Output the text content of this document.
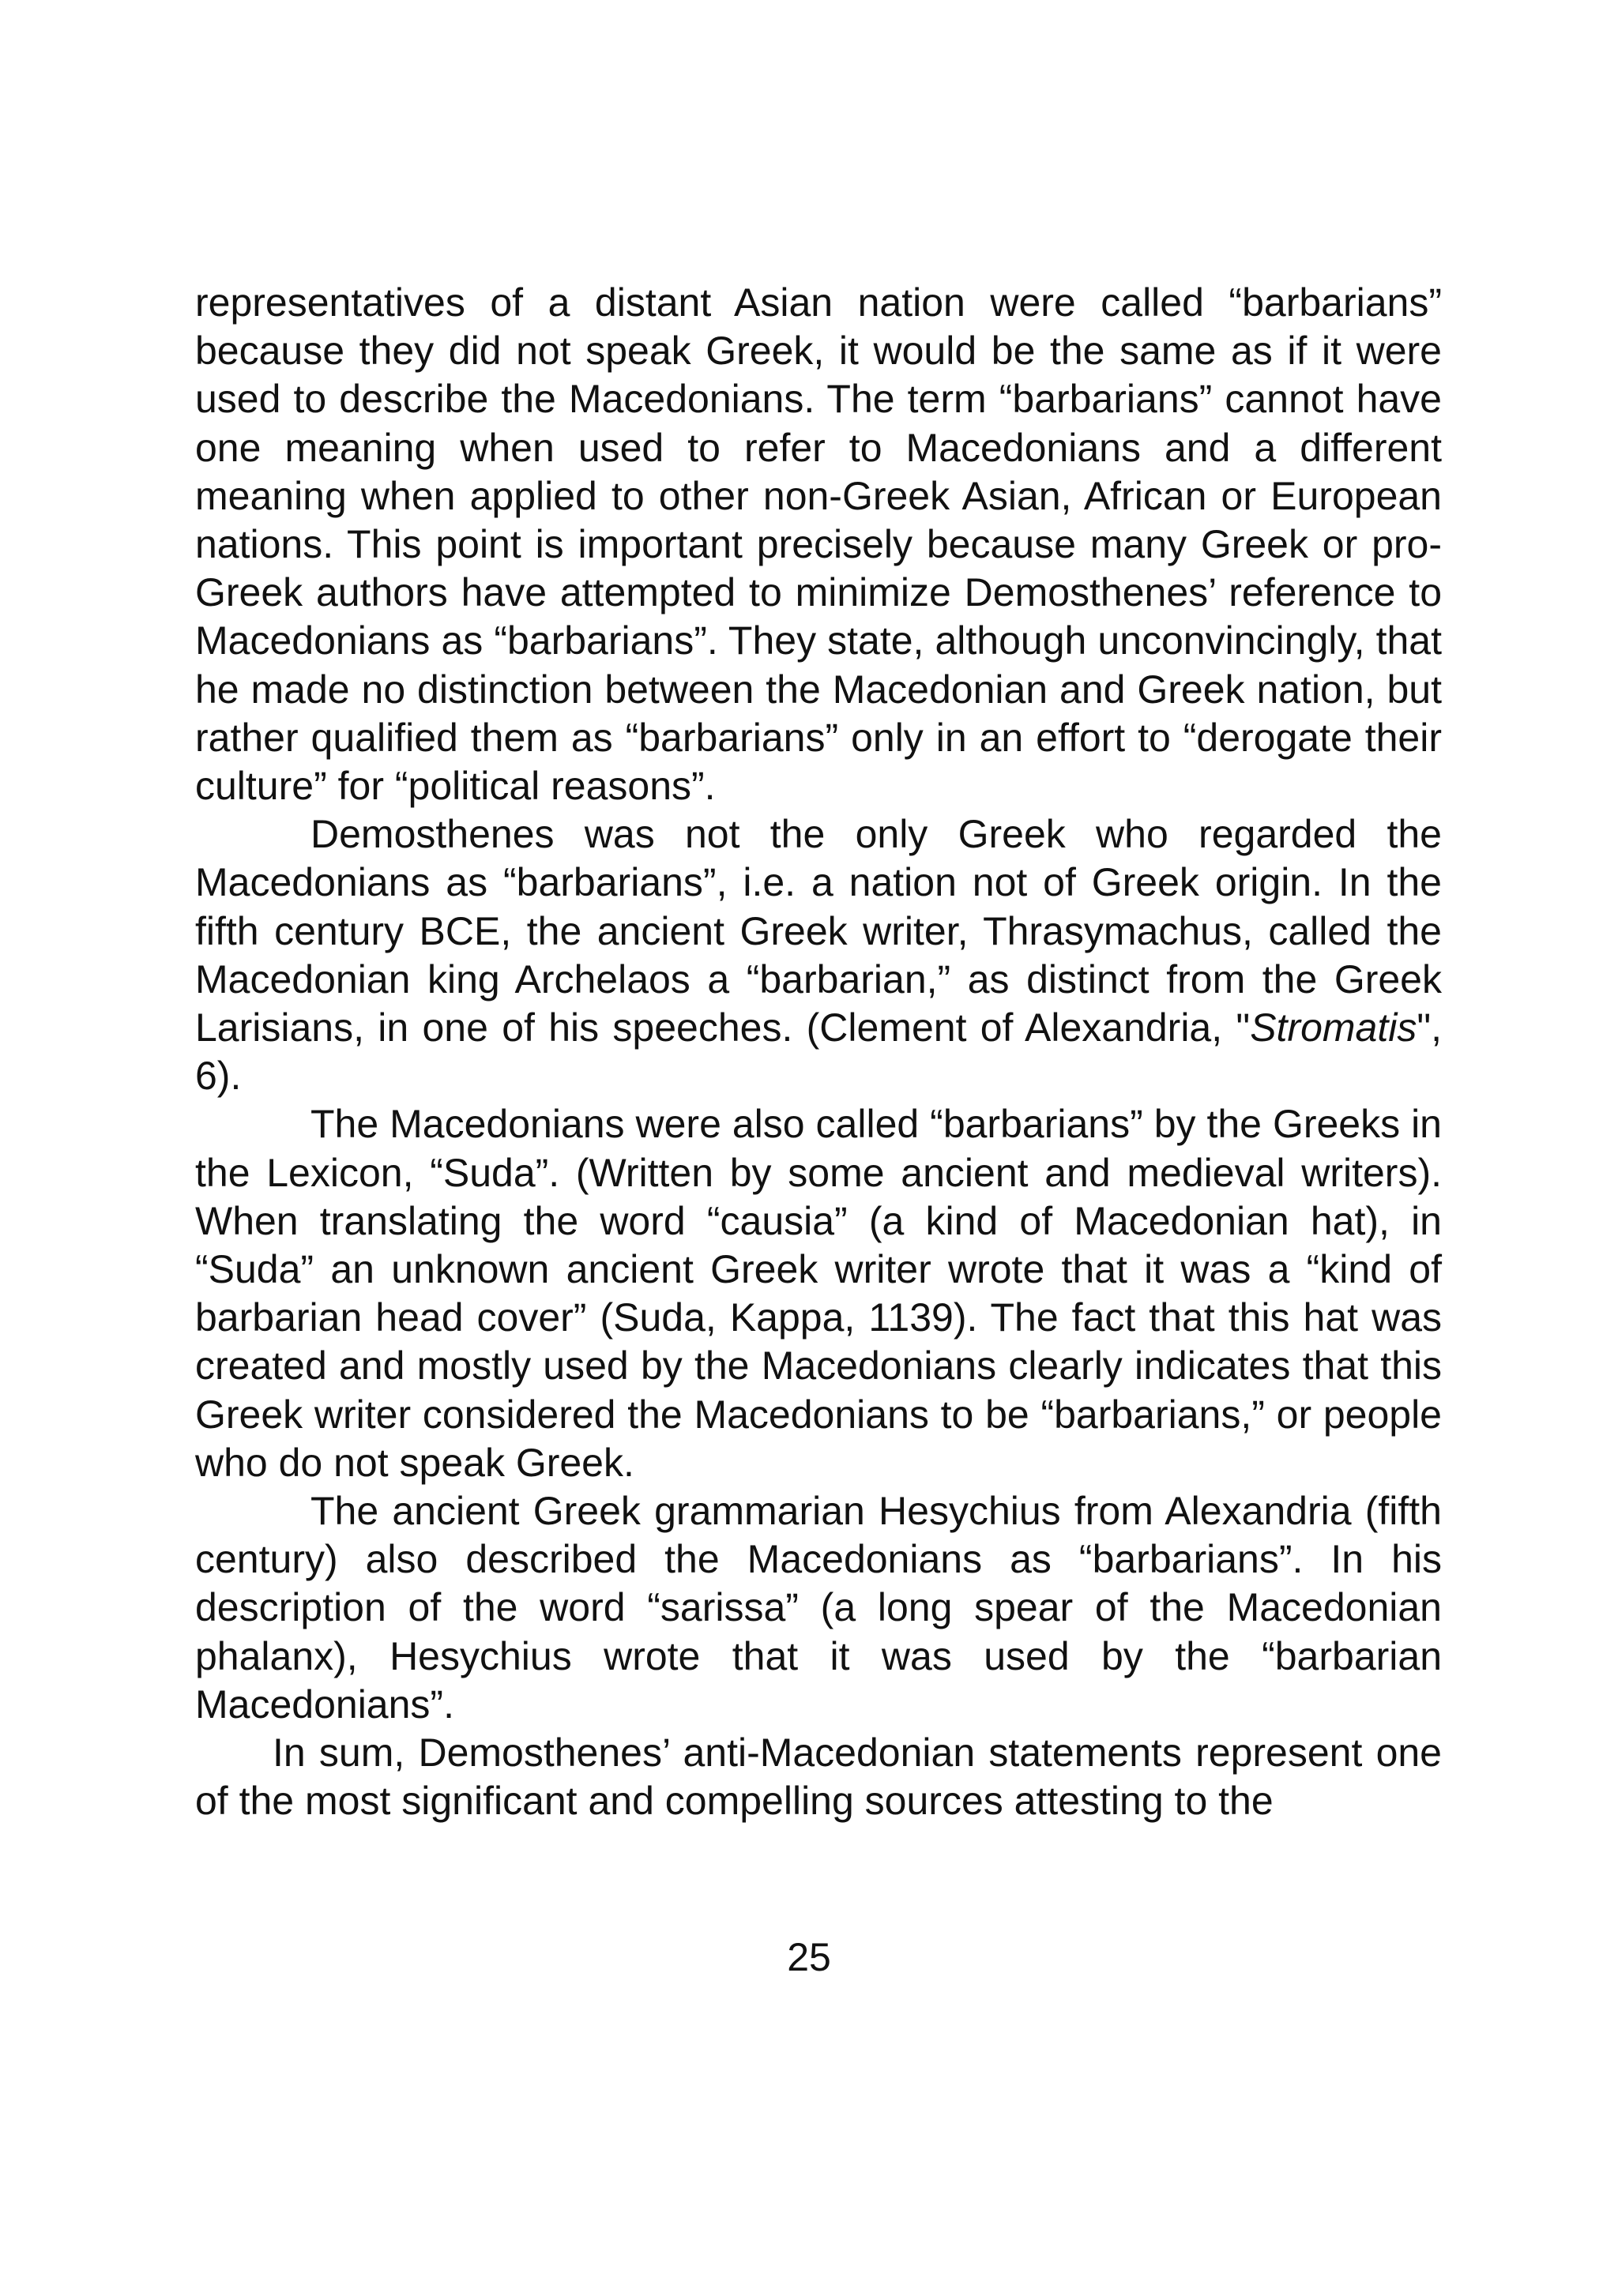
representatives of a distant Asian nation were called “barbarians” because they did not speak Greek, it would be the same as if it were used to describe the Macedonians. The term “barbarians” cannot have one meaning when used to refer to Macedonians and a different meaning when applied to other non-Greek Asian, African or European nations. This point is important precisely because many Greek or pro-Greek authors have attempted to minimize Demosthenes’ reference to Macedonians as “barbarians”. They state, although unconvincingly, that he made no distinction between the Macedonian and Greek nation, but rather qualified them as “barbarians” only in an effort to “derogate their culture” for “political reasons”.

Demosthenes was not the only Greek who regarded the Macedonians as “barbarians”, i.e. a nation not of Greek origin. In the fifth century BCE, the ancient Greek writer, Thrasymachus, called the Macedonian king Archelaos a “barbarian,” as distinct from the Greek Larisians, in one of his speeches. (Clement of Alexandria, "Stromatis", 6).

The Macedonians were also called “barbarians” by the Greeks in the Lexicon, “Suda”. (Written by some ancient and medieval writers). When translating the word “causia” (a kind of Macedonian hat), in “Suda” an unknown ancient Greek writer wrote that it was a “kind of barbarian head cover” (Suda, Kappa, 1139). The fact that this hat was created and mostly used by the Macedonians clearly indicates that this Greek writer considered the Macedonians to be “barbarians,” or people who do not speak Greek.

The ancient Greek grammarian Hesychius from Alexandria (fifth century) also described the Macedonians as “barbarians”. In his description of the word “sarissa” (a long spear of the Macedonian phalanx), Hesychius wrote that it was used by the “barbarian Macedonians”.

In sum, Demosthenes’ anti-Macedonian statements represent one of the most significant and compelling sources attesting to the

25
